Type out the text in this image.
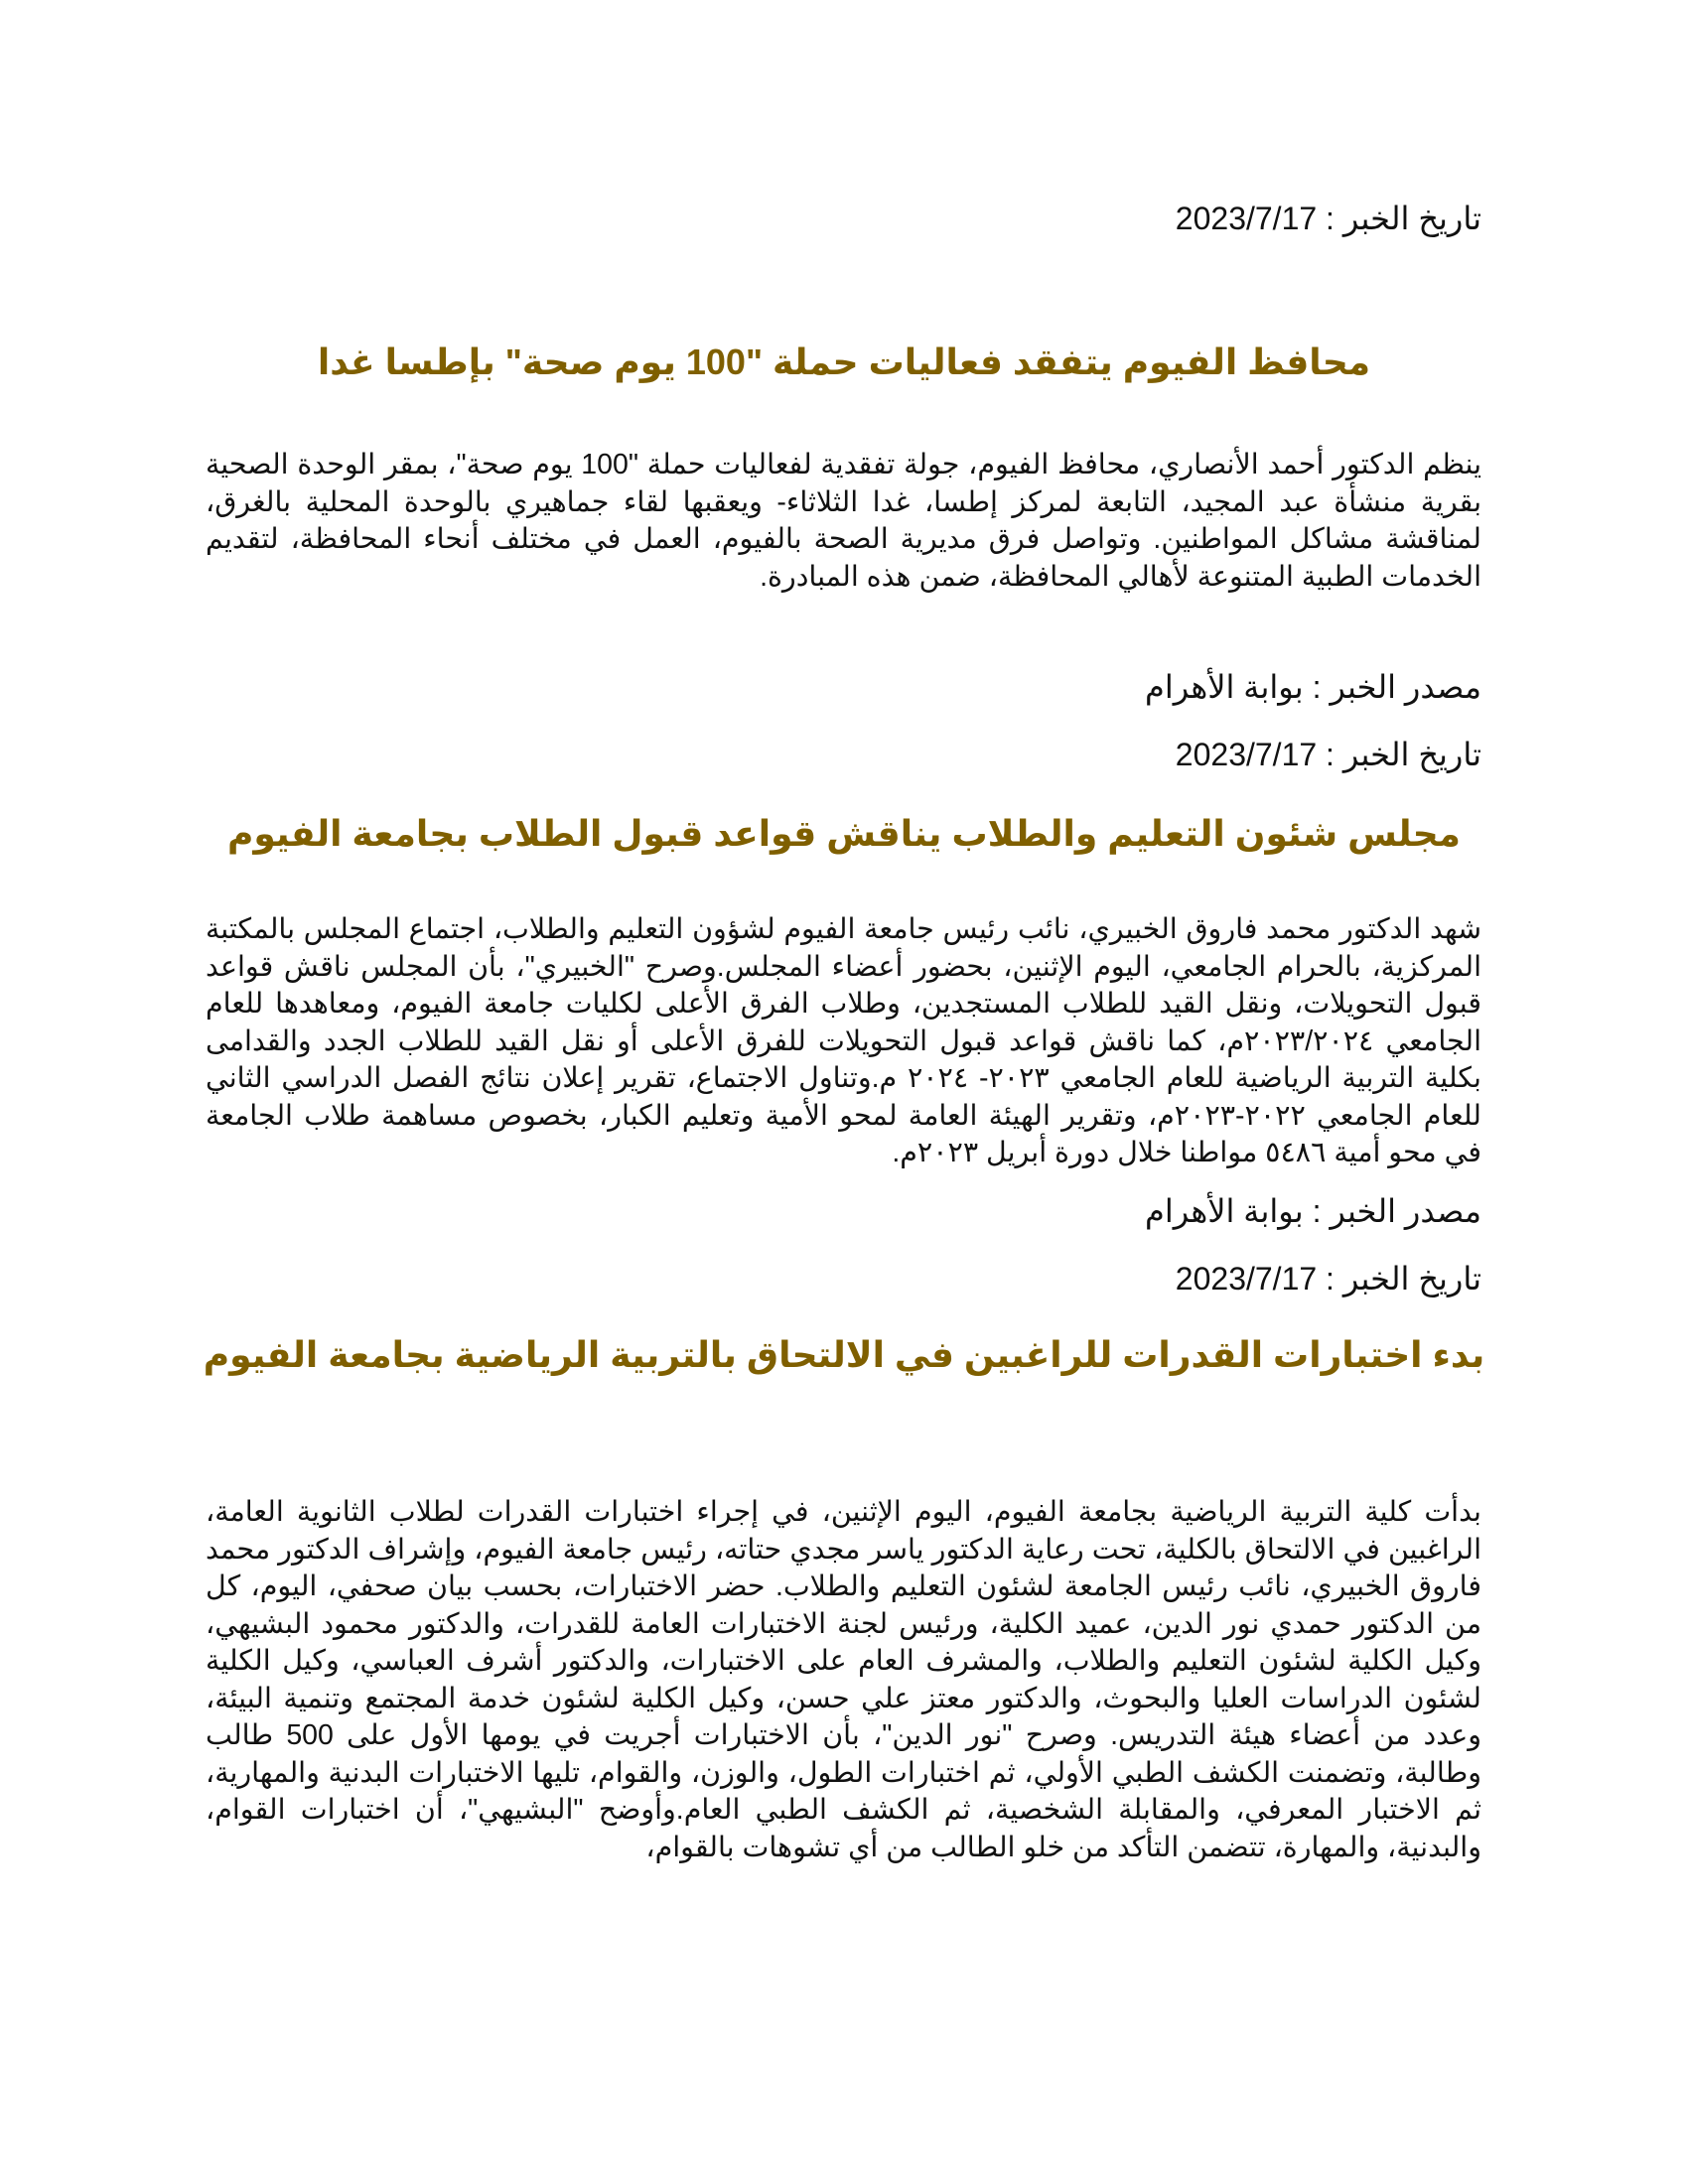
تاريخ الخبر : 2023/7/17
محافظ الفيوم يتفقد فعاليات حملة "100 يوم صحة" بإطسا غدا
ينظم الدكتور أحمد الأنصاري، محافظ الفيوم، جولة تفقدية لفعاليات حملة "100 يوم صحة"، بمقر الوحدة الصحية بقرية منشأة عبد المجيد، التابعة لمركز إطسا، غدا الثلاثاء- ويعقبها لقاء جماهيري بالوحدة المحلية بالغرق، لمناقشة مشاكل المواطنين. وتواصل فرق مديرية الصحة بالفيوم، العمل في مختلف أنحاء المحافظة، لتقديم الخدمات الطبية المتنوعة لأهالي المحافظة، ضمن هذه المبادرة.
مصدر الخبر : بوابة الأهرام
تاريخ الخبر : 2023/7/17
مجلس شئون التعليم والطلاب يناقش قواعد قبول الطلاب بجامعة الفيوم
شهد الدكتور محمد فاروق الخبيري، نائب رئيس جامعة الفيوم لشؤون التعليم والطلاب، اجتماع المجلس بالمكتبة المركزية، بالحرام الجامعي، اليوم الإثنين، بحضور أعضاء المجلس.وصرح "الخبيري"، بأن المجلس ناقش قواعد قبول التحويلات، ونقل القيد للطلاب المستجدين، وطلاب الفرق الأعلى لكليات جامعة الفيوم، ومعاهدها للعام الجامعي ٢٠٢٣/٢٠٢٤م، كما ناقش قواعد قبول التحويلات للفرق الأعلى أو نقل القيد للطلاب الجدد والقدامى بكلية التربية الرياضية للعام الجامعي ٢٠٢٣- ٢٠٢٤ م.وتناول الاجتماع، تقرير إعلان نتائج الفصل الدراسي الثاني للعام الجامعي ٢٠٢٢-٢٠٢٣م، وتقرير الهيئة العامة لمحو الأمية وتعليم الكبار، بخصوص مساهمة طلاب الجامعة في محو أمية ٥٤٨٦ مواطنا خلال دورة أبريل ٢٠٢٣م.
مصدر الخبر : بوابة الأهرام
تاريخ الخبر : 2023/7/17
بدء اختبارات القدرات للراغبين في الالتحاق بالتربية الرياضية بجامعة الفيوم
بدأت كلية التربية الرياضية بجامعة الفيوم، اليوم الإثنين، في إجراء اختبارات القدرات لطلاب الثانوية العامة، الراغبين في الالتحاق بالكلية، تحت رعاية الدكتور ياسر مجدي حتاته، رئيس جامعة الفيوم، وإشراف الدكتور محمد فاروق الخبيري، نائب رئيس الجامعة لشئون التعليم والطلاب. حضر الاختبارات، بحسب بيان صحفي، اليوم، كل من الدكتور حمدي نور الدين، عميد الكلية، ورئيس لجنة الاختبارات العامة للقدرات، والدكتور محمود البشيهي، وكيل الكلية لشئون التعليم والطلاب، والمشرف العام على الاختبارات، والدكتور أشرف العباسي، وكيل الكلية لشئون الدراسات العليا والبحوث، والدكتور معتز علي حسن، وكيل الكلية لشئون خدمة المجتمع وتنمية البيئة، وعدد من أعضاء هيئة التدريس. وصرح "نور الدين"، بأن الاختبارات أجريت في يومها الأول على 500 طالب وطالبة، وتضمنت الكشف الطبي الأولي، ثم اختبارات الطول، والوزن، والقوام، تليها الاختبارات البدنية والمهارية، ثم الاختبار المعرفي، والمقابلة الشخصية، ثم الكشف الطبي العام.وأوضح "البشيهي"، أن اختبارات القوام، والبدنية، والمهارة، تتضمن التأكد من خلو الطالب من أي تشوهات بالقوام،
